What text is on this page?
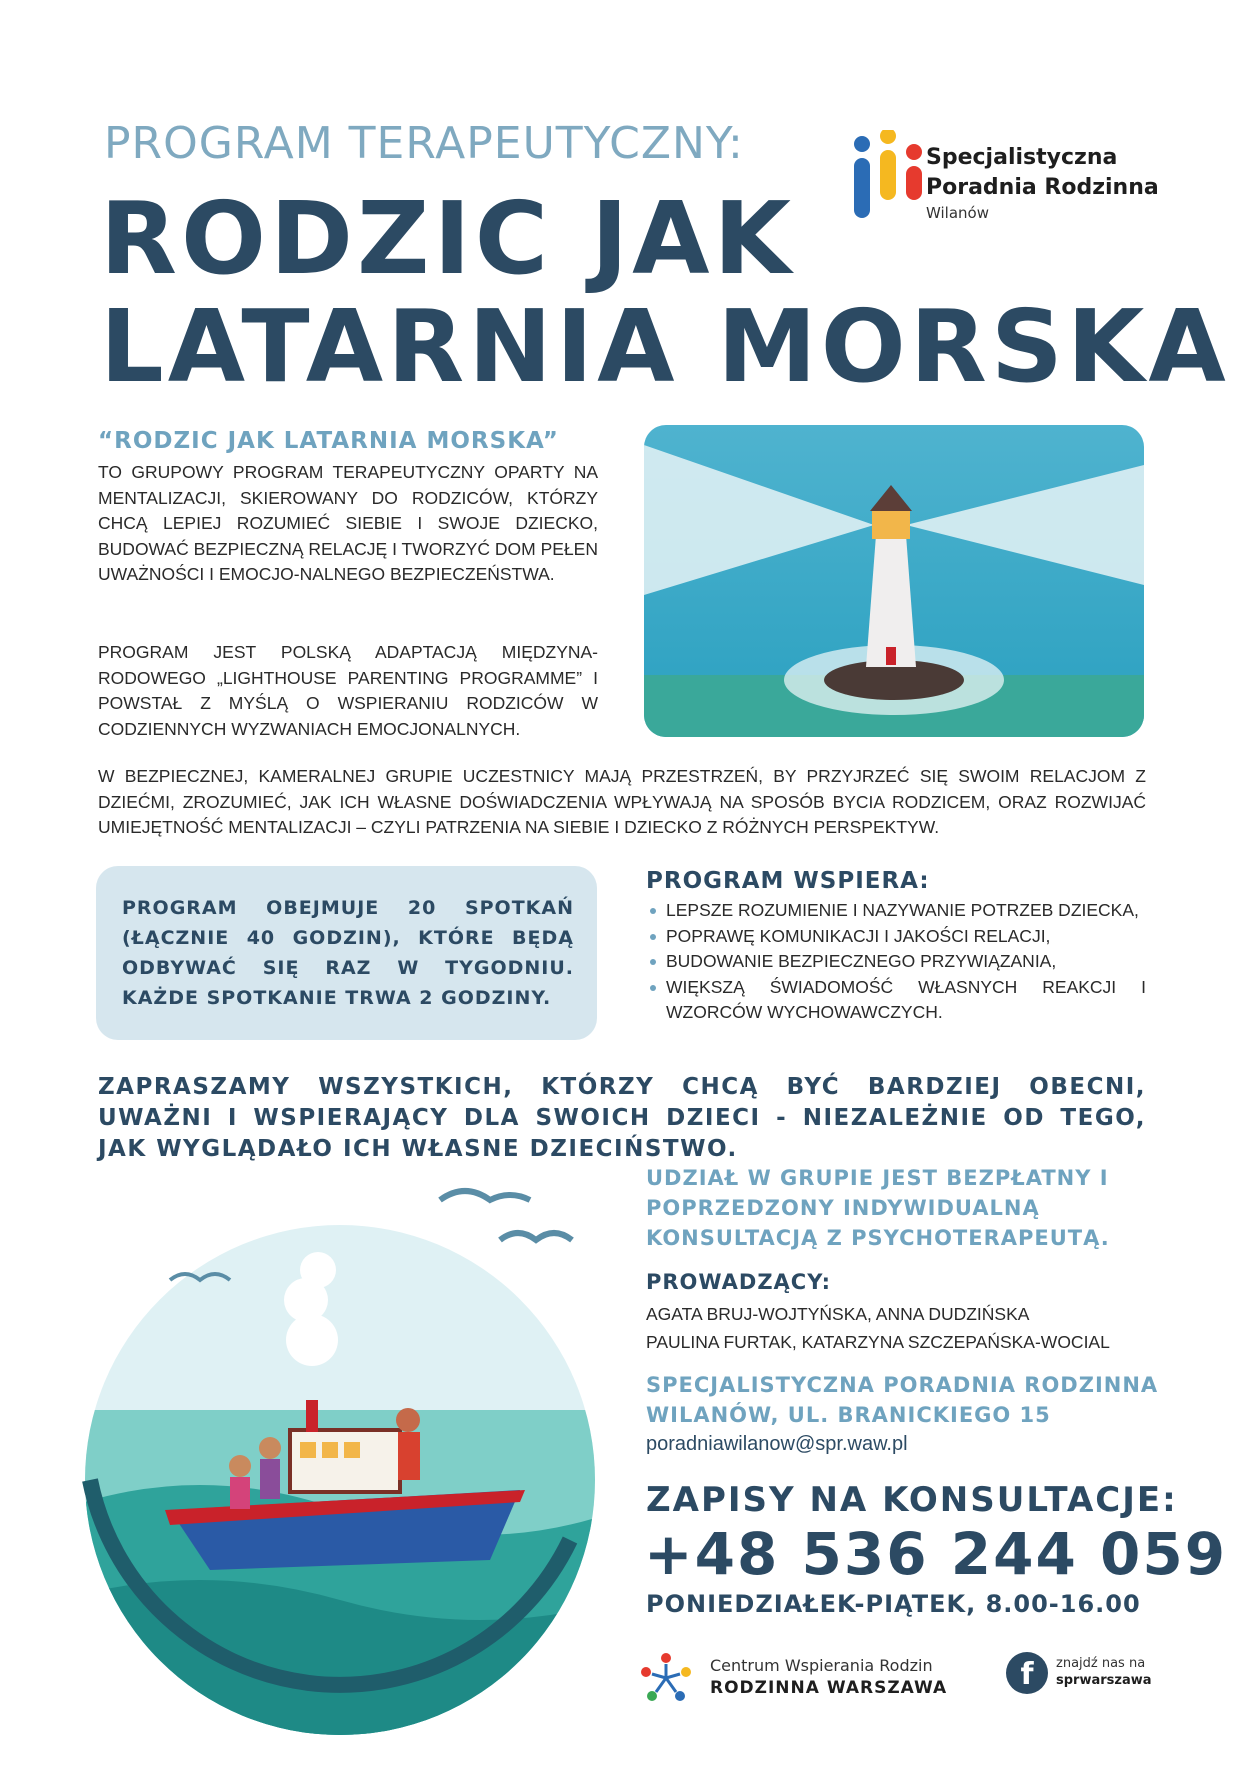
PROGRAM TERAPEUTYCZNY:
RODZIC JAK
LATARNIA MORSKA
Specjalistyczna
Poradnia Rodzinna
Wilanów
“RODZIC JAK LATARNIA MORSKA”
TO GRUPOWY PROGRAM TERAPEUTYCZNY OPARTY NA MENTALIZACJI, SKIEROWANY DO RODZICÓW, KTÓRZY CHCĄ LEPIEJ ROZUMIEĆ SIEBIE I SWOJE DZIECKO, BUDOWAĆ BEZPIECZNĄ RELACJĘ I TWORZYĆ DOM PEŁEN UWAŻNOŚCI I EMOCJO-NALNEGO BEZPIECZEŃSTWA.
PROGRAM JEST POLSKĄ ADAPTACJĄ MIĘDZYNA-RODOWEGO „LIGHTHOUSE PARENTING PROGRAMME” I POWSTAŁ Z MYŚLĄ O WSPIERANIU RODZICÓW W CODZIENNYCH WYZWANIACH EMOCJONALNYCH.
W BEZPIECZNEJ, KAMERALNEJ GRUPIE UCZESTNICY MAJĄ PRZESTRZEŃ, BY PRZYJRZEĆ SIĘ SWOIM RELACJOM Z DZIEĆMI, ZROZUMIEĆ, JAK ICH WŁASNE DOŚWIADCZENIA WPŁYWAJĄ NA SPOSÓB BYCIA RODZICEM, ORAZ ROZWIJAĆ UMIEJĘTNOŚĆ MENTALIZACJI – CZYLI PATRZENIA NA SIEBIE I DZIECKO Z RÓŻNYCH PERSPEKTYW.
PROGRAM OBEJMUJE 20 SPOTKAŃ (ŁĄCZNIE 40 GODZIN), KTÓRE BĘDĄ ODBYWAĆ SIĘ RAZ W TYGODNIU. KAŻDE SPOTKANIE TRWA 2 GODZINY.
PROGRAM WSPIERA:
LEPSZE ROZUMIENIE I NAZYWANIE POTRZEB DZIECKA,
POPRAWĘ KOMUNIKACJI I JAKOŚCI RELACJI,
BUDOWANIE BEZPIECZNEGO PRZYWIĄZANIA,
WIĘKSZĄ ŚWIADOMOŚĆ WŁASNYCH REAKCJI I WZORCÓW WYCHOWAWCZYCH.
ZAPRASZAMY WSZYSTKICH, KTÓRZY CHCĄ BYĆ BARDZIEJ OBECNI, UWAŻNI I WSPIERAJĄCY DLA SWOICH DZIECI - NIEZALEŻNIE OD TEGO, JAK WYGLĄDAŁO ICH WŁASNE DZIECIŃSTWO.
UDZIAŁ W GRUPIE JEST BEZPŁATNY I POPRZEDZONY INDYWIDUALNĄ KONSULTACJĄ Z PSYCHOTERAPEUTĄ.
PROWADZĄCY:
AGATA BRUJ-WOJTYŃSKA, ANNA DUDZIŃSKA
PAULINA FURTAK, KATARZYNA SZCZEPAŃSKA-WOCIAL
SPECJALISTYCZNA PORADNIA RODZINNA
WILANÓW, UL. BRANICKIEGO 15
poradniawilanow@spr.waw.pl
ZAPISY NA KONSULTACJE:
+48 536 244 059
PONIEDZIAŁEK-PIĄTEK, 8.00-16.00
Centrum Wspierania Rodzin
RODZINNA WARSZAWA	f	znajdź nas na
sprwarszawa
